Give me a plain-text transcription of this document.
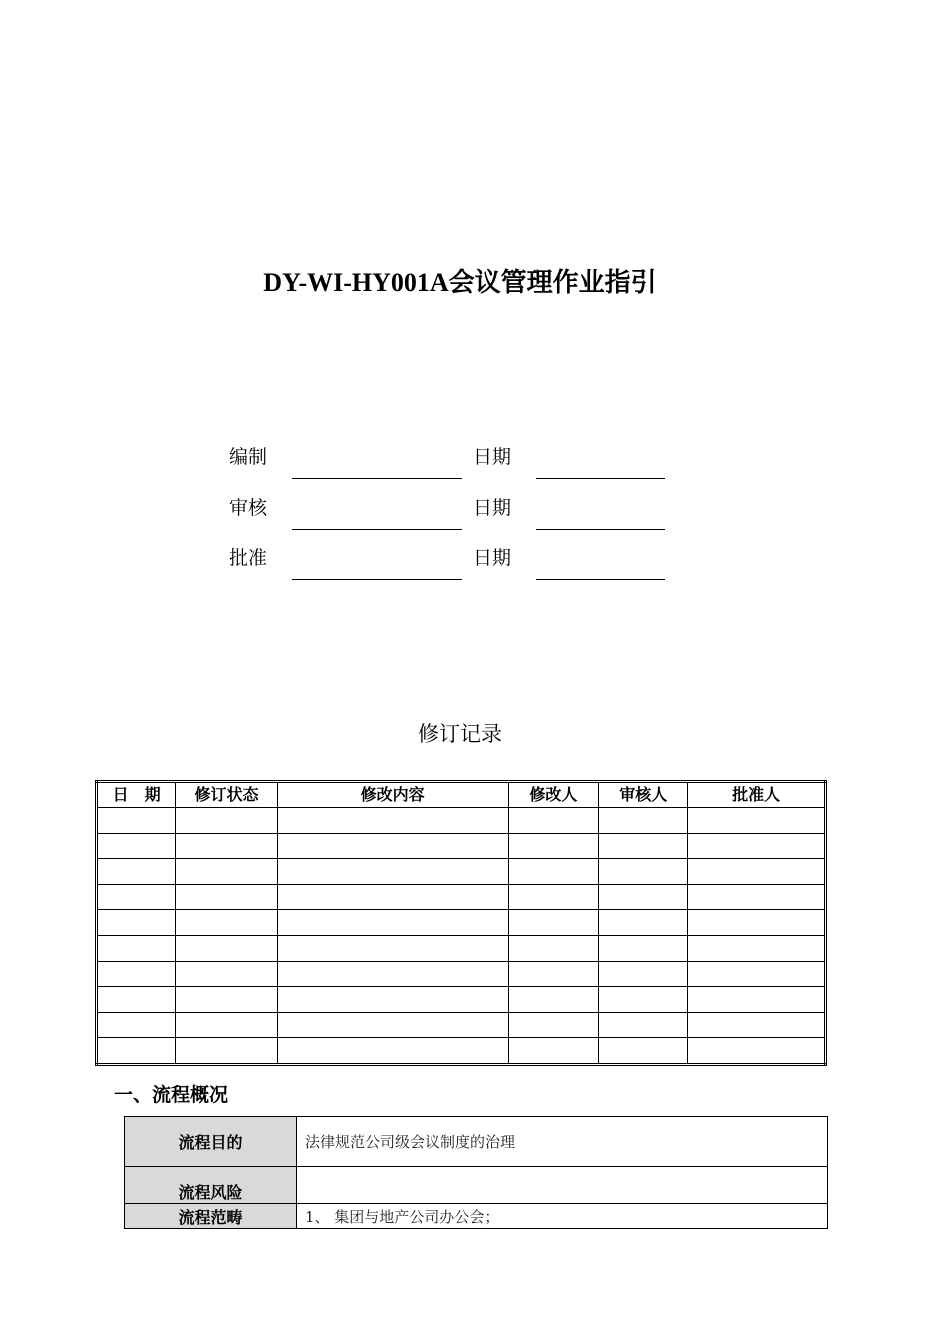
DY-WI-HY001A会议管理作业指引
编制	日期
审核	日期
批准	日期
修订记录
日　期	修订状态	修改内容	修改人	审核人	批准人

一、流程概况
流程目的	法律规范公司级会议制度的治理
流程风险	
流程范畴	1、 集团与地产公司办公会；
